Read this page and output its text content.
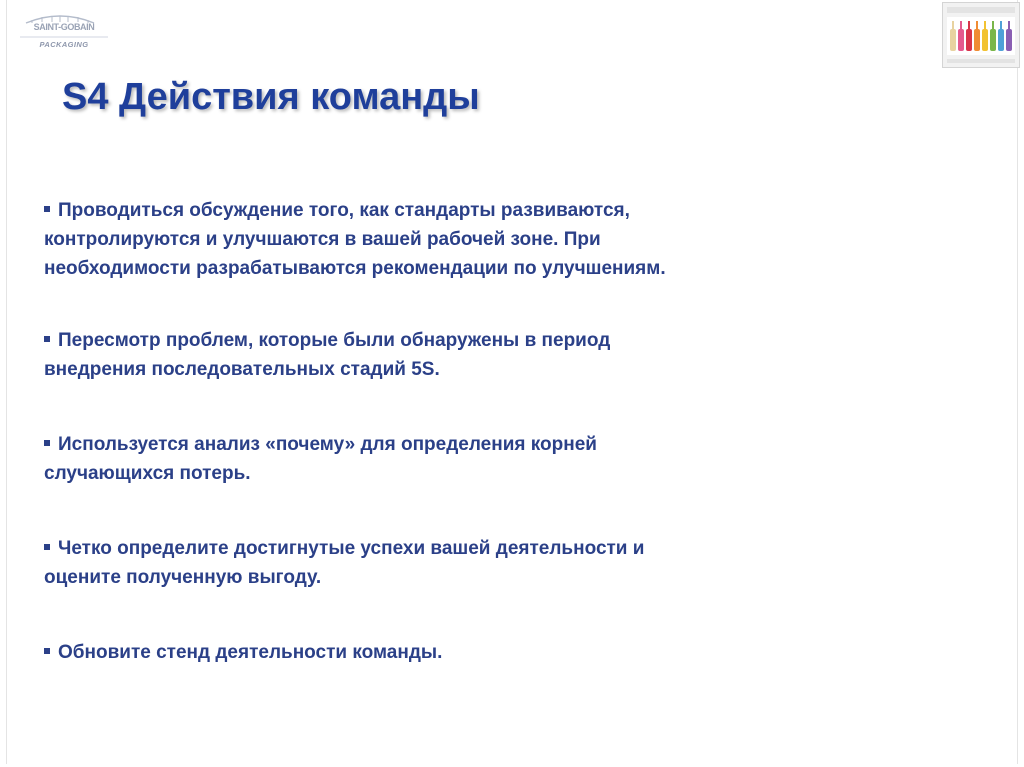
SAINT-GOBAIN
PACKAGING
S4 Действия команды
Проводиться обсуждение того, как стандарты развиваются,
контролируются и улучшаются в вашей рабочей зоне. При
необходимости разрабатываются рекомендации по улучшениям.
Пересмотр проблем, которые были обнаружены в период
внедрения последовательных стадий 5S.
Используется анализ «почему» для определения корней
случающихся потерь.
Четко определите достигнутые успехи вашей деятельности и
оцените полученную выгоду.
Обновите стенд деятельности команды.
